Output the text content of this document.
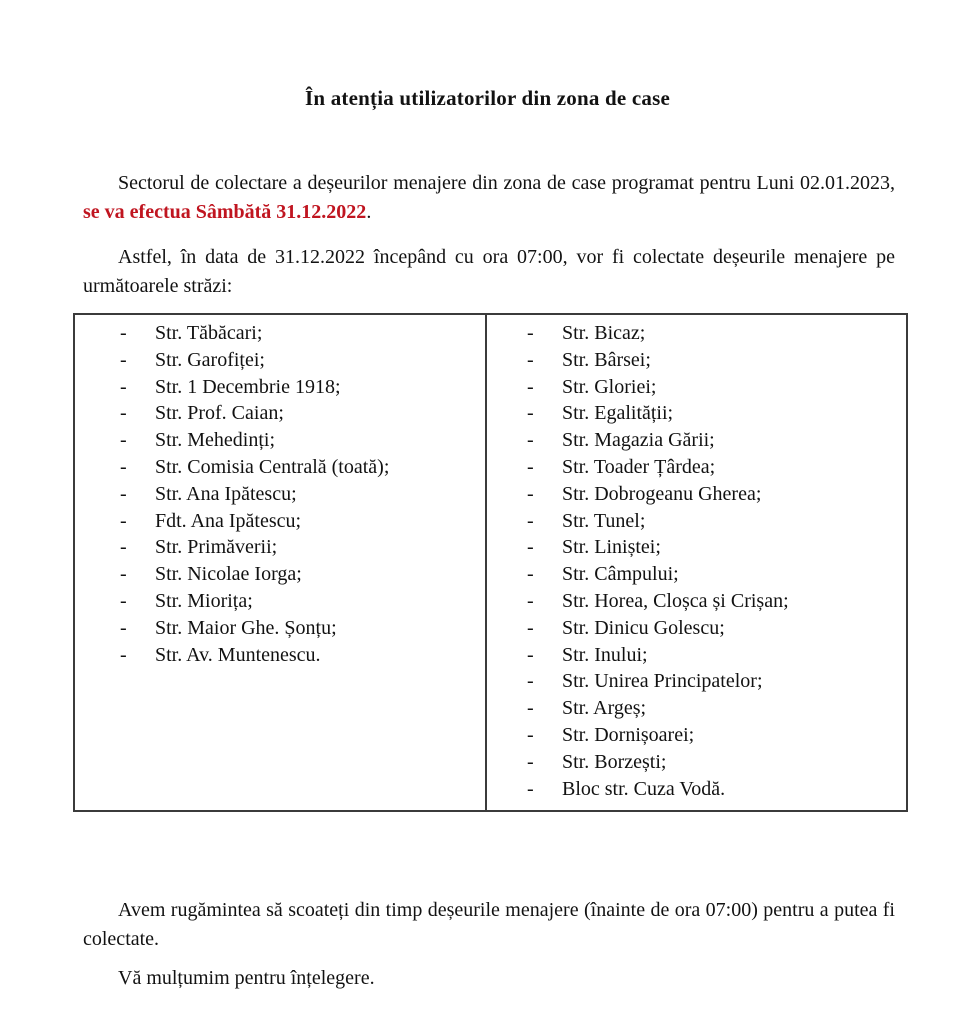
În atenția utilizatorilor din zona de case

Sectorul de colectare a deșeurilor menajere din zona de case programat pentru Luni 02.01.2023, se va efectua Sâmbătă 31.12.2022.

Astfel, în data de 31.12.2022 începând cu ora 07:00, vor fi colectate deșeurile menajere pe următoarele străzi:

-	Str. Tăbăcari;
-	Str. Garofiței;
-	Str. 1 Decembrie 1918;
-	Str. Prof. Caian;
-	Str. Mehedinți;
-	Str. Comisia Centrală (toată);
-	Str. Ana Ipătescu;
-	Fdt. Ana Ipătescu;
-	Str. Primăverii;
-	Str. Nicolae Iorga;
-	Str. Miorița;
-	Str. Maior Ghe. Șonțu;
-	Str. Av. Muntenescu.
-	Str. Bicaz;
-	Str. Bârsei;
-	Str. Gloriei;
-	Str. Egalității;
-	Str. Magazia Gării;
-	Str. Toader Țârdea;
-	Str. Dobrogeanu Gherea;
-	Str. Tunel;
-	Str. Liniștei;
-	Str. Câmpului;
-	Str. Horea, Cloșca și Crișan;
-	Str. Dinicu Golescu;
-	Str. Inului;
-	Str. Unirea Principatelor;
-	Str. Argeș;
-	Str. Dornișoarei;
-	Str. Borzești;
-	Bloc str. Cuza Vodă.

Avem rugămintea să scoateți din timp deșeurile menajere (înainte de ora 07:00) pentru a putea fi colectate.

Vă mulțumim pentru înțelegere.
